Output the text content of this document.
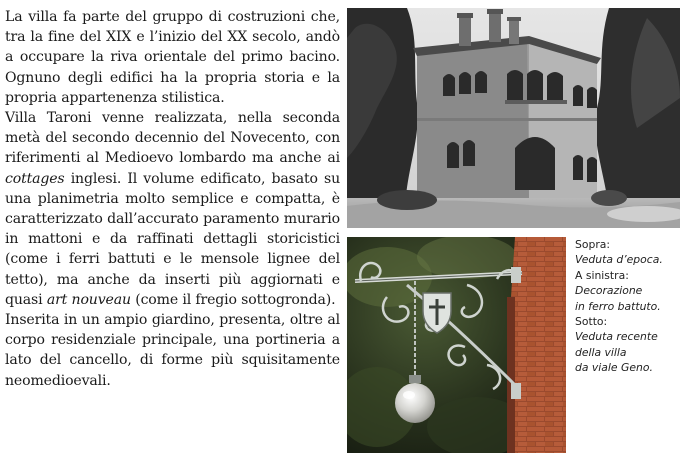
La villa fa parte del gruppo di costruzioni che, tra la fine del XIX e l’inizio del XX secolo, andò a occupare la riva orientale del primo bacino. Ognuno degli edifici ha la propria storia e la propria appartenenza stilistica.

Villa Taroni venne realizzata, nella seconda metà del secondo decennio del Novecento, con riferimenti al Medioevo lombardo ma anche ai cottages inglesi. Il volume edificato, basato su una planimetria molto semplice e compatta, è caratterizzato dall’accurato paramento murario in mattoni e da raffinati dettagli storicistici (come i ferri battuti e le mensole lignee del tetto), ma anche da inserti più aggiornati e quasi art nouveau (come il fregio sottogronda).

Inserita in un ampio giardino, presenta, oltre al corpo residenziale principale, una portineria a lato del cancello, di forme più squisitamente neomedioevali.

Sopra:
Veduta d’epoca.
A sinistra:
Decorazione
in ferro battuto.
Sotto:
Veduta recente
della villa
da viale Geno.
